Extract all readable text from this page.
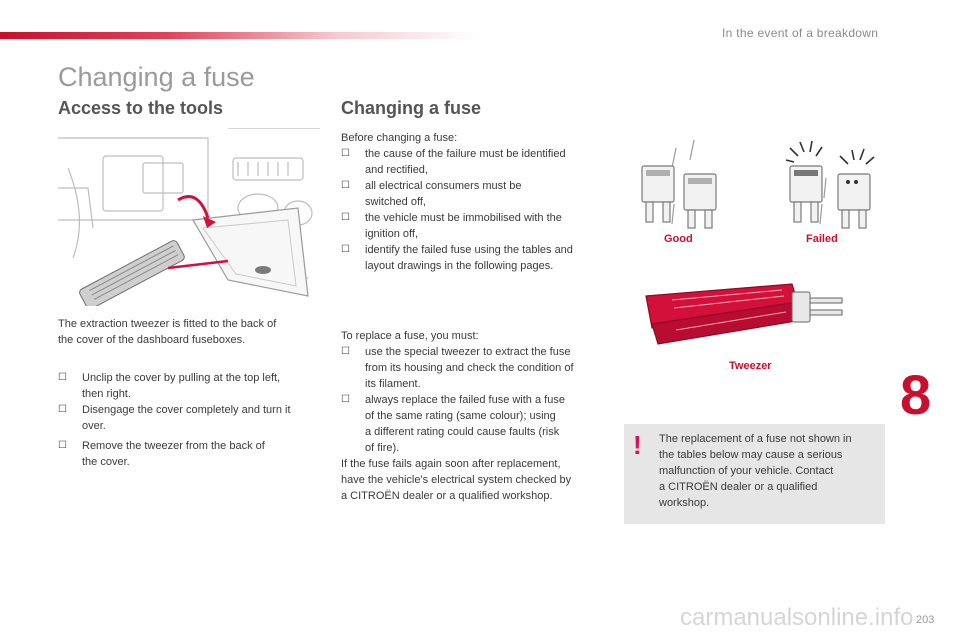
In the event of a breakdown
Changing a fuse
Access to the tools
The extraction tweezer is fitted to the back of
the cover of the dashboard fuseboxes.
☐ Unclip the cover by pulling at the top left,
then right.
☐ Disengage the cover completely and turn it
over.
☐ Remove the tweezer from the back of
the cover.
Changing a fuse
Before changing a fuse:
☐ the cause of the failure must be identified
and rectified,
☐ all electrical consumers must be
switched off,
☐ the vehicle must be immobilised with the
ignition off,
☐ identify the failed fuse using the tables and
layout drawings in the following pages.
To replace a fuse, you must:
☐ use the special tweezer to extract the fuse
from its housing and check the condition of
its filament.
☐ always replace the failed fuse with a fuse
of the same rating (same colour); using
a different rating could cause faults (risk
of fire).
If the fuse fails again soon after replacement,
have the vehicle's electrical system checked by
a CITROËN dealer or a qualified workshop.
Good	Failed
Tweezer 8
! The replacement of a fuse not shown in
the tables below may cause a serious
malfunction of your vehicle. Contact
a CITROËN dealer or a qualified
workshop.
carmanualsonline.info 203
